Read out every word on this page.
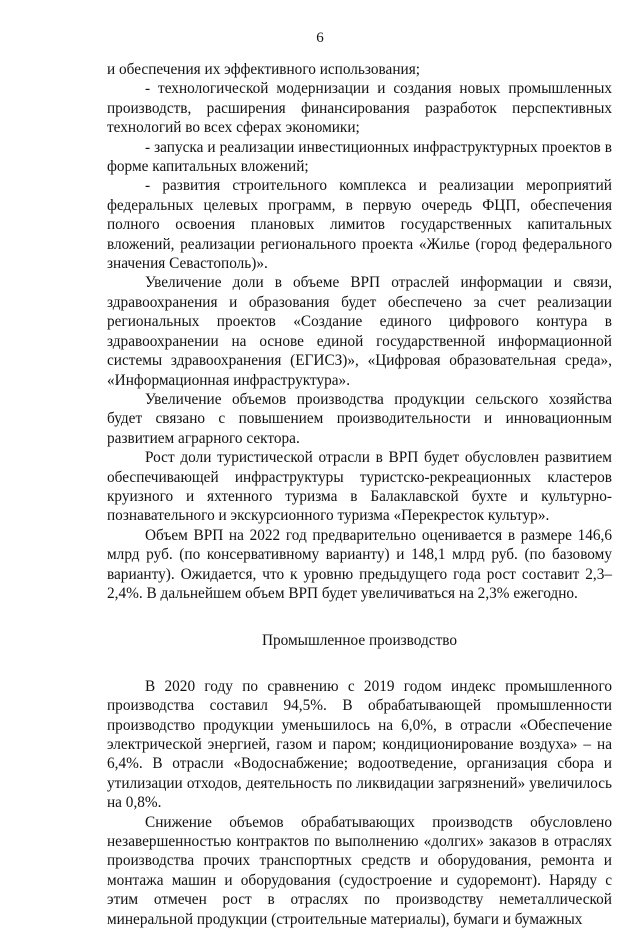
6

и обеспечения их эффективного использования;

- технологической модернизации и создания новых промышленных производств, расширения финансирования разработок перспективных технологий во всех сферах экономики;

- запуска и реализации инвестиционных инфраструктурных проектов в форме капитальных вложений;

- развития строительного комплекса и реализации мероприятий федеральных целевых программ, в первую очередь ФЦП, обеспечения полного освоения плановых лимитов государственных капитальных вложений, реализации регионального проекта «Жилье (город федерального значения Севастополь)».

Увеличение доли в объеме ВРП отраслей информации и связи, здравоохранения и образования будет обеспечено за счет реализации региональных проектов «Создание единого цифрового контура в здравоохранении на основе единой государственной информационной системы здравоохранения (ЕГИСЗ)», «Цифровая образовательная среда», «Информационная инфраструктура».

Увеличение объемов производства продукции сельского хозяйства будет связано с повышением производительности и инновационным развитием аграрного сектора.

Рост доли туристической отрасли в ВРП будет обусловлен развитием обеспечивающей инфраструктуры туристско-рекреационных кластеров круизного и яхтенного туризма в Балаклавской бухте и культурно-познавательного и экскурсионного туризма «Перекресток культур».

Объем ВРП на 2022 год предварительно оценивается в размере 146,6 млрд руб. (по консервативному варианту) и 148,1 млрд руб. (по базовому варианту). Ожидается, что к уровню предыдущего года рост составит 2,3–2,4%. В дальнейшем объем ВРП будет увеличиваться на 2,3% ежегодно.

Промышленное производство

В 2020 году по сравнению с 2019 годом индекс промышленного производства составил 94,5%. В обрабатывающей промышленности производство продукции уменьшилось на 6,0%, в отрасли «Обеспечение электрической энергией, газом и паром; кондиционирование воздуха» – на 6,4%. В отрасли «Водоснабжение; водоотведение, организация сбора и утилизации отходов, деятельность по ликвидации загрязнений» увеличилось на 0,8%.

Снижение объемов обрабатывающих производств обусловлено незавершенностью контрактов по выполнению «долгих» заказов в отраслях производства прочих транспортных средств и оборудования, ремонта и монтажа машин и оборудования (судостроение и судоремонт). Наряду с этим отмечен рост в отраслях по производству неметаллической минеральной продукции (строительные материалы), бумаги и бумажных
